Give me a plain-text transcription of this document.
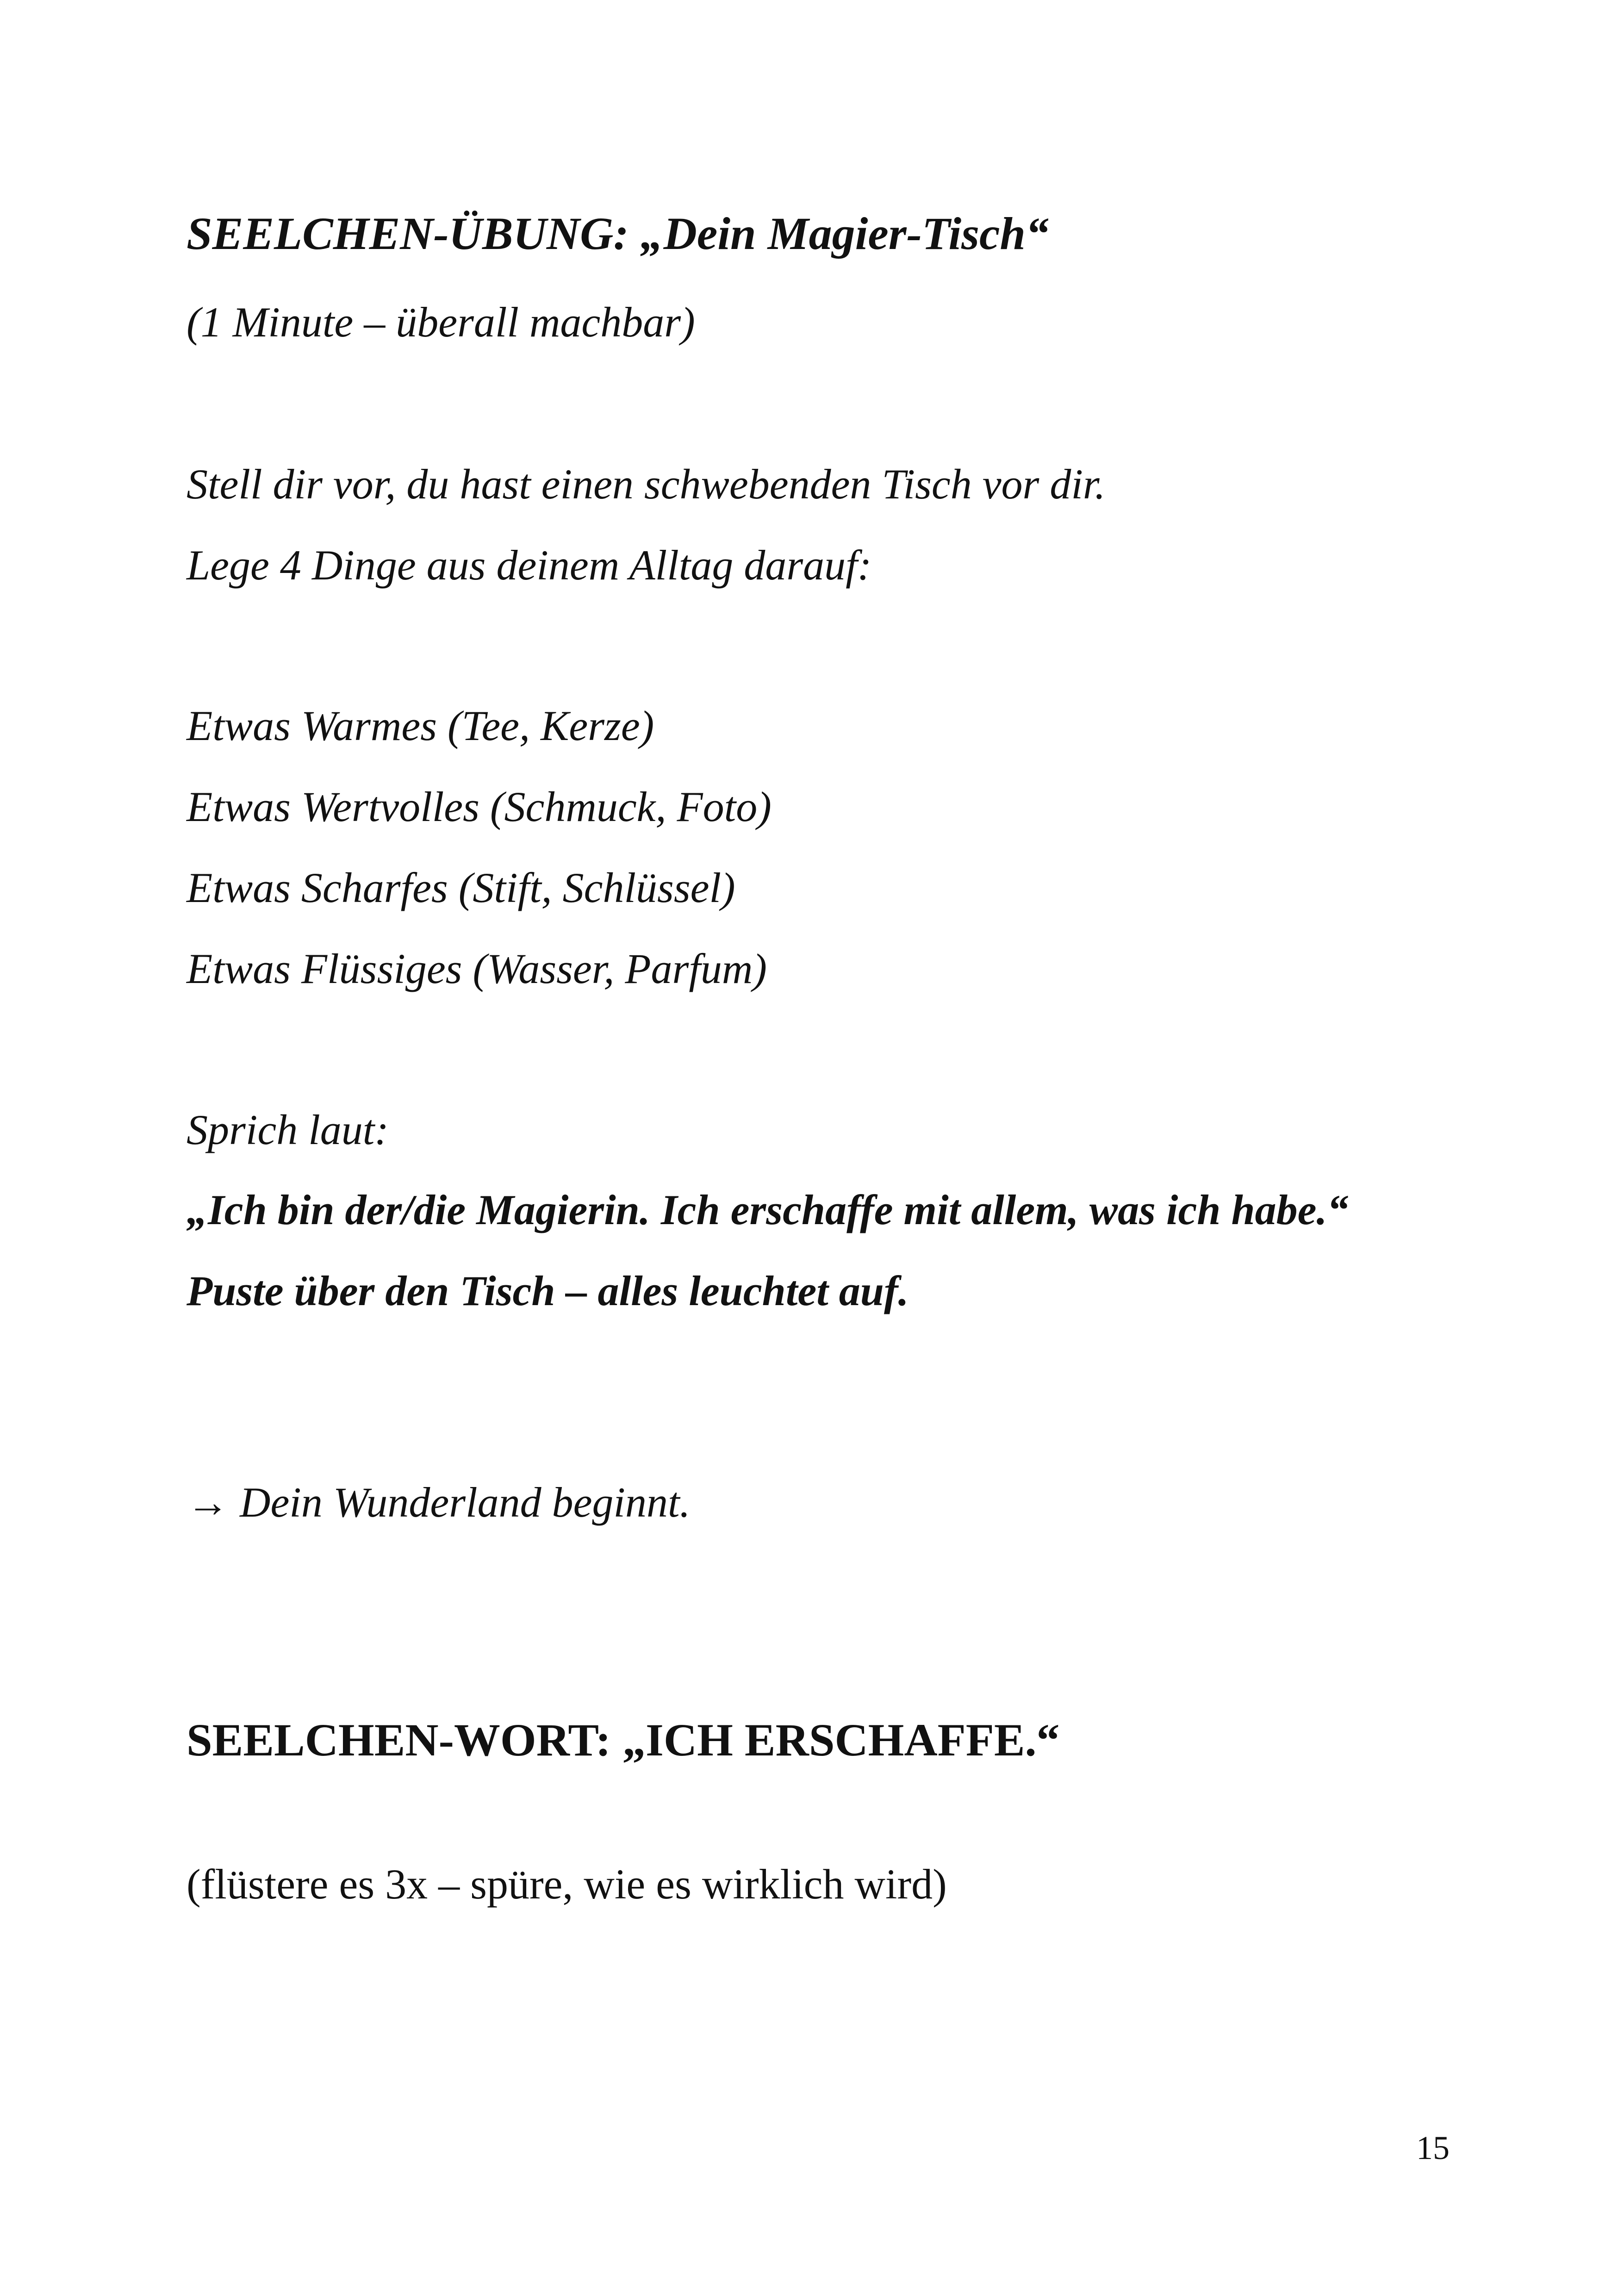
SEELCHEN-ÜBUNG: „Dein Magier-Tisch“

(1 Minute – überall machbar)

Stell dir vor, du hast einen schwebenden Tisch vor dir.

Lege 4 Dinge aus deinem Alltag darauf:

Etwas Warmes (Tee, Kerze)

Etwas Wertvolles (Schmuck, Foto)

Etwas Scharfes (Stift, Schlüssel)

Etwas Flüssiges (Wasser, Parfum)

Sprich laut:

„Ich bin der/die Magierin. Ich erschaffe mit allem, was ich habe.“

Puste über den Tisch – alles leuchtet auf.

→ Dein Wunderland beginnt.

SEELCHEN-WORT: „ICH ERSCHAFFE.“

(flüstere es 3x – spüre, wie es wirklich wird)

15
